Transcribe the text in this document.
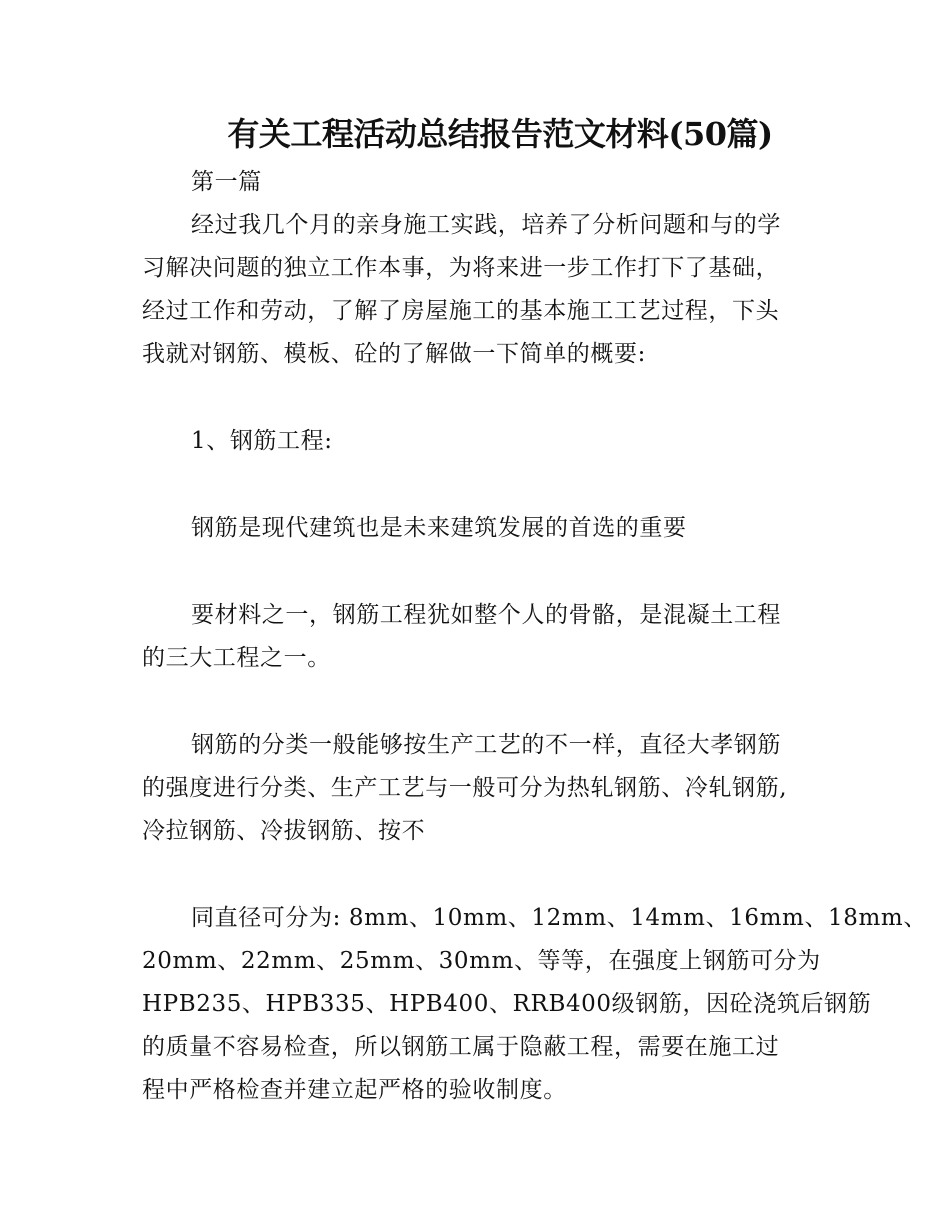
有关工程活动总结报告范文材料(50篇)
第一篇
经过我几个月的亲身施工实践，培养了分析问题和与的学
习解决问题的独立工作本事，为将来进一步工作打下了基础，
经过工作和劳动，了解了房屋施工的基本施工工艺过程，下头
我就对钢筋、模板、砼的了解做一下简单的概要:
1、钢筋工程:
钢筋是现代建筑也是未来建筑发展的首选的重要
要材料之一，钢筋工程犹如整个人的骨骼，是混凝土工程
的三大工程之一。
钢筋的分类一般能够按生产工艺的不一样，直径大孝钢筋
的强度进行分类、生产工艺与一般可分为热轧钢筋、冷轧钢筋,
冷拉钢筋、冷拔钢筋、按不
同直径可分为: 8mm、10mm、12mm、14mm、16mm、18mm、
20mm、22mm、25mm、30mm、等等，在强度上钢筋可分为
HPB235、HPB335、HPB400、RRB400级钢筋，因砼浇筑后钢筋
的质量不容易检查，所以钢筋工属于隐蔽工程，需要在施工过
程中严格检查并建立起严格的验收制度。
